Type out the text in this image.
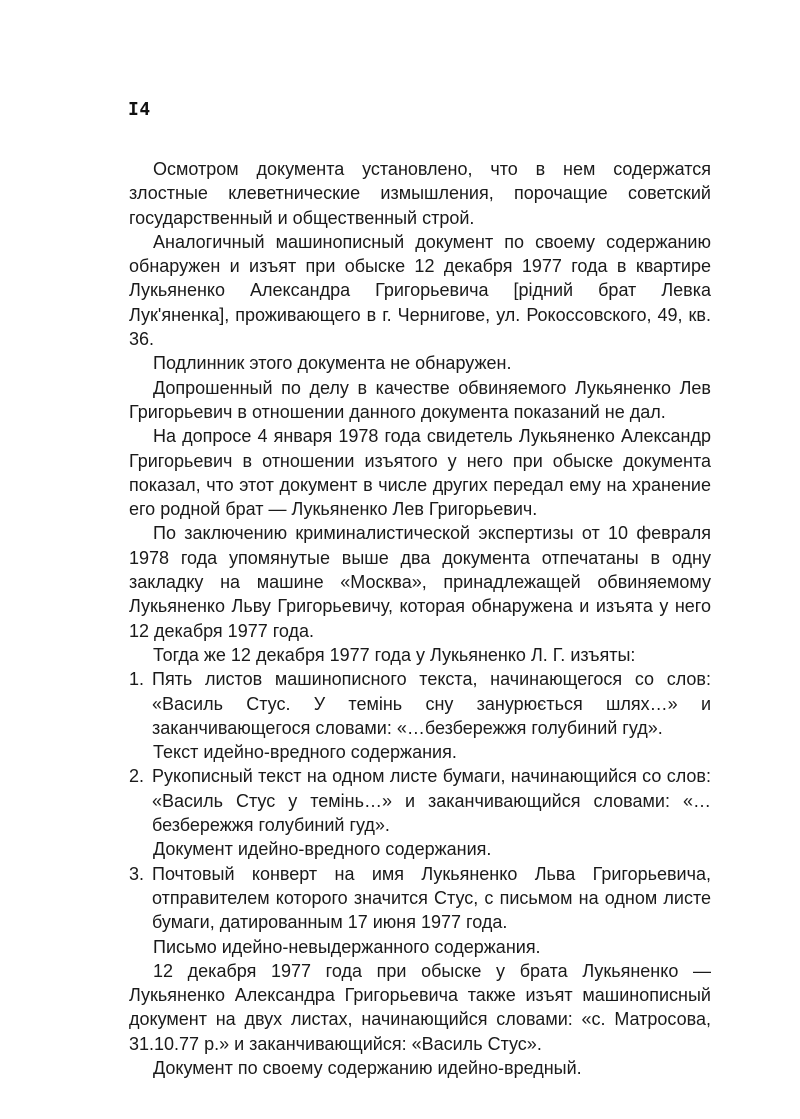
I4

Осмотром документа установлено, что в нем содержатся злостные клеветнические измышления, порочащие советский государственный и общественный строй.

Аналогичный машинописный документ по своему содержанию обнаружен и изъят при обыске 12 декабря 1977 года в квартире Лукьяненко Александра Григорьевича [рідний брат Левка Лук'яненка], проживающего в г. Чернигове, ул. Рокоссовского, 49, кв. 36.

Подлинник этого документа не обнаружен.

Допрошенный по делу в качестве обвиняемого Лукьяненко Лев Григорьевич в отношении данного документа показаний не дал.

На допросе 4 января 1978 года свидетель Лукьяненко Александр Григорьевич в отношении изъятого у него при обыске документа показал, что этот документ в числе других передал ему на хранение его родной брат — Лукьяненко Лев Григорьевич.

По заключению криминалистической экспертизы от 10 февраля 1978 года упомянутые выше два документа отпечатаны в одну закладку на машине «Москва», принадлежащей обвиняемому Лукьяненко Льву Григорьевичу, которая обнаружена и изъята у него 12 декабря 1977 года.

Тогда же 12 декабря 1977 года у Лукьяненко Л. Г. изъяты:

1. Пять листов машинописного текста, начинающегося со слов: «Василь Стус. У темінь сну занурюється шлях…» и заканчивающегося словами: «…безбережжя голубиний гуд».

Текст идейно-вредного содержания.

2. Рукописный текст на одном листе бумаги, начинающийся со слов: «Василь Стус у темінь…» и заканчивающийся словами: «…безбережжя голубиний гуд».

Документ идейно-вредного содержания.

3. Почтовый конверт на имя Лукьяненко Льва Григорьевича, отправителем которого значится Стус, с письмом на одном листе бумаги, датированным 17 июня 1977 года.

Письмо идейно-невыдержанного содержания.

12 декабря 1977 года при обыске у брата Лукьяненко — Лукьяненко Александра Григорьевича также изъят машинописный документ на двух листах, начинающийся словами: «с. Матросова, 31.10.77 р.» и заканчивающийся: «Василь Стус».

Документ по своему содержанию идейно-вредный.
